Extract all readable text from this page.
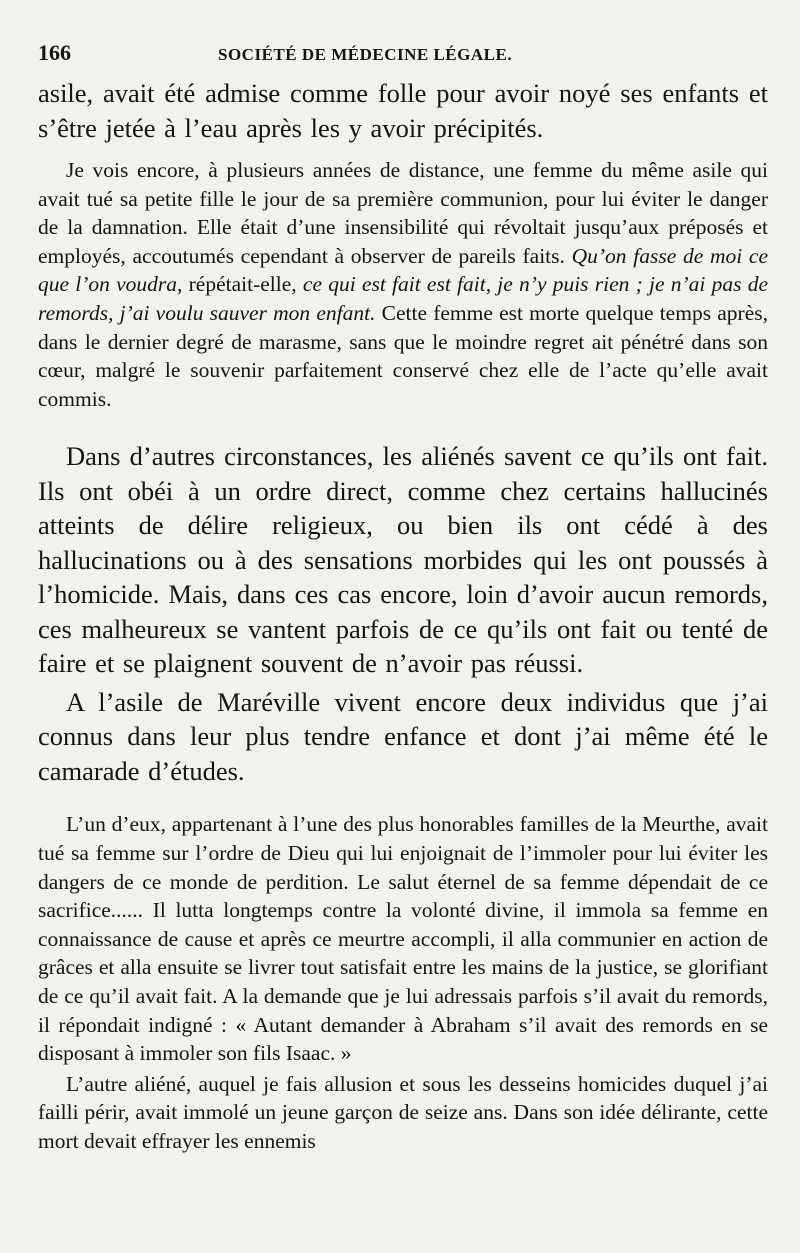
166	SOCIÉTÉ DE MÉDECINE LÉGALE.

asile, avait été admise comme folle pour avoir noyé ses enfants et s’être jetée à l’eau après les y avoir précipités.

Je vois encore, à plusieurs années de distance, une femme du même asile qui avait tué sa petite fille le jour de sa première communion, pour lui éviter le danger de la damnation. Elle était d’une insensibilité qui révoltait jusqu’aux préposés et employés, accoutumés cependant à observer de pareils faits. Qu’on fasse de moi ce que l’on voudra, répétait-elle, ce qui est fait est fait, je n’y puis rien ; je n’ai pas de remords, j’ai voulu sauver mon enfant. Cette femme est morte quelque temps après, dans le dernier degré de marasme, sans que le moindre regret ait pénétré dans son cœur, malgré le souvenir parfaitement conservé chez elle de l’acte qu’elle avait commis.

Dans d’autres circonstances, les aliénés savent ce qu’ils ont fait. Ils ont obéi à un ordre direct, comme chez certains hallucinés atteints de délire religieux, ou bien ils ont cédé à des hallucinations ou à des sensations morbides qui les ont poussés à l’homicide. Mais, dans ces cas encore, loin d’avoir aucun remords, ces malheureux se vantent parfois de ce qu’ils ont fait ou tenté de faire et se plaignent souvent de n’avoir pas réussi.

A l’asile de Maréville vivent encore deux individus que j’ai connus dans leur plus tendre enfance et dont j’ai même été le camarade d’études.

L’un d’eux, appartenant à l’une des plus honorables familles de la Meurthe, avait tué sa femme sur l’ordre de Dieu qui lui enjoignait de l’immoler pour lui éviter les dangers de ce monde de perdition. Le salut éternel de sa femme dépendait de ce sacrifice...... Il lutta longtemps contre la volonté divine, il immola sa femme en connaissance de cause et après ce meurtre accompli, il alla communier en action de grâces et alla ensuite se livrer tout satisfait entre les mains de la justice, se glorifiant de ce qu’il avait fait. A la demande que je lui adressais parfois s’il avait du remords, il répondait indigné : « Autant demander à Abraham s’il avait des remords en se disposant à immoler son fils Isaac. »

L’autre aliéné, auquel je fais allusion et sous les desseins homicides duquel j’ai failli périr, avait immolé un jeune garçon de seize ans. Dans son idée délirante, cette mort devait effrayer les ennemis
